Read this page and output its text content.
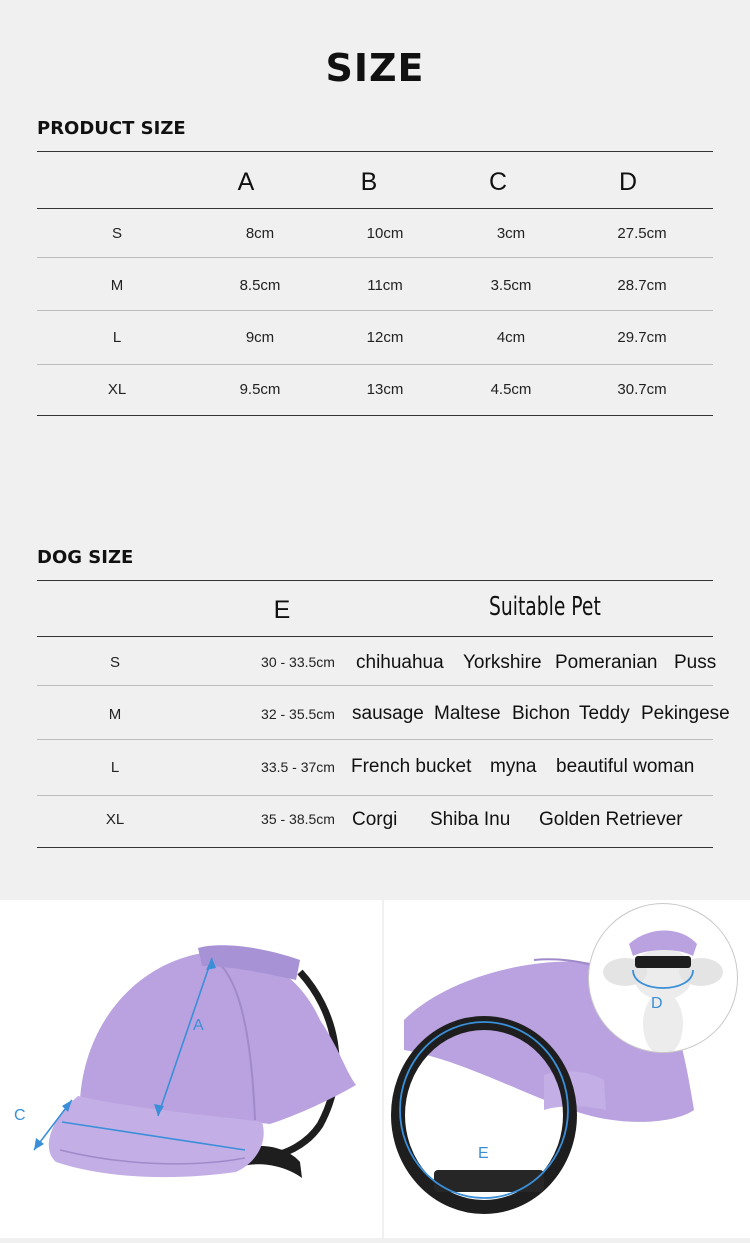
SIZE
PRODUCT SIZE
A	B	C	D
S	8cm	10cm	3cm	27.5cm
M	8.5cm	11cm	3.5cm	28.7cm
L	9cm	12cm	4cm	29.7cm
XL	9.5cm	13cm	4.5cm	30.7cm
DOG SIZE
E	Suitable Pet
S	30 - 33.5cm chihuahua Yorkshire Pomeranian Puss
M	32 - 35.5cm sausage Maltese Bichon Teddy Pekingese
L	33.5 - 37cm French bucket myna beautiful woman
XL	35 - 38.5cm Corgi Shiba Inu Golden Retriever
A
C
E
D
